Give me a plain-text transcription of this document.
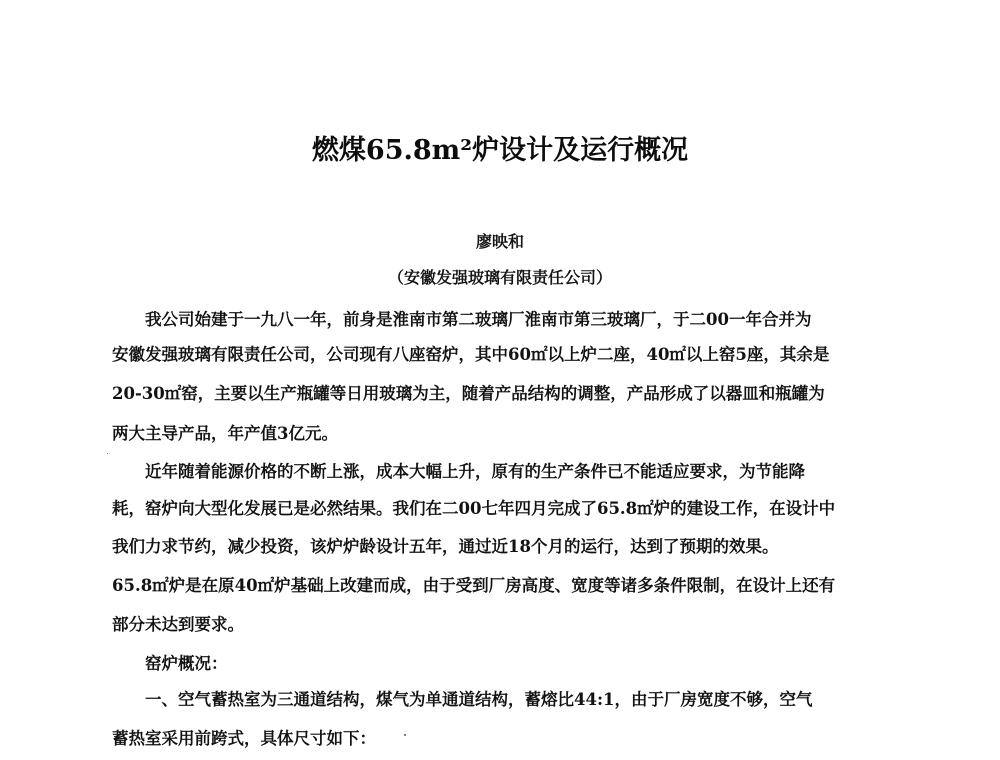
燃煤65.8m²炉设计及运行概况
廖映和
（安徽发强玻璃有限责任公司）
我公司始建于一九八一年，前身是淮南市第二玻璃厂淮南市第三玻璃厂，于二00一年合并为
安徽发强玻璃有限责任公司，公司现有八座窑炉，其中60㎡以上炉二座，40㎡以上窑5座，其余是
20-30㎡窑，主要以生产瓶罐等日用玻璃为主，随着产品结构的调整，产品形成了以器皿和瓶罐为
两大主导产品，年产值3亿元。
近年随着能源价格的不断上涨，成本大幅上升，原有的生产条件已不能适应要求，为节能降
耗，窑炉向大型化发展已是必然结果。我们在二00七年四月完成了65.8㎡炉的建设工作，在设计中
我们力求节约，减少投资，该炉炉龄设计五年，通过近18个月的运行，达到了预期的效果。
65.8㎡炉是在原40㎡炉基础上改建而成，由于受到厂房高度、宽度等诸多条件限制，在设计上还有
部分未达到要求。
窑炉概况：
一、空气蓄热室为三通道结构，煤气为单通道结构，蓄熔比44:1，由于厂房宽度不够，空气
蓄热室采用前跨式，具体尺寸如下：
